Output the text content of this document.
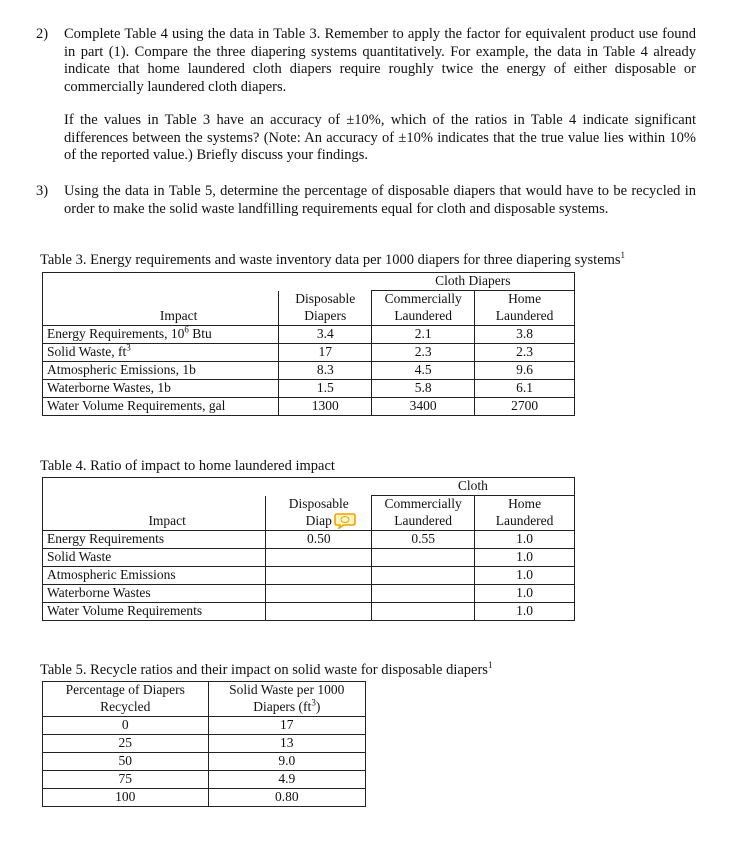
2) Complete Table 4 using the data in Table 3. Remember to apply the factor for equivalent product use found in part (1). Compare the three diapering systems quantitatively. For example, the data in Table 4 already indicate that home laundered cloth diapers require roughly twice the energy of either disposable or commercially laundered cloth diapers.
If the values in Table 3 have an accuracy of ±10%, which of the ratios in Table 4 indicate significant differences between the systems? (Note: An accuracy of ±10% indicates that the true value lies within 10% of the reported value.) Briefly discuss your findings.
3) Using the data in Table 5, determine the percentage of disposable diapers that would have to be recycled in order to make the solid waste landfilling requirements equal for cloth and disposable systems.
Table 3. Energy requirements and waste inventory data per 1000 diapers for three diapering systems$^1$
		Cloth Diapers	
	Disposable	Commercially	Home
Impact	Diapers	Laundered	Laundered
Energy Requirements, $10^6$ Btu	3.4	2.1	3.8
Solid Waste, $ft^3$	17	2.3	2.3
Atmospheric Emissions, 1b	8.3	4.5	9.6
Waterborne Wastes, 1b	1.5	5.8	6.1
Water Volume Requirements, gal	1300	3400	2700
Table 4. Ratio of impact to home laundered impact
		Cloth	
	Disposable	Commercially	Home
Impact	Diap	Laundered	Laundered
Energy Requirements	0.50	0.55	1.0
Solid Waste			1.0
Atmospheric Emissions			1.0
Waterborne Wastes			1.0
Water Volume Requirements			1.0
Table 5. Recycle ratios and their impact on solid waste for disposable diapers$^1$
Percentage of Diapers	Solid Waste per 1000
Recycled	Diapers $(ft^3)$
0	17
25	13
50	9.0
75	4.9
100	0.80
